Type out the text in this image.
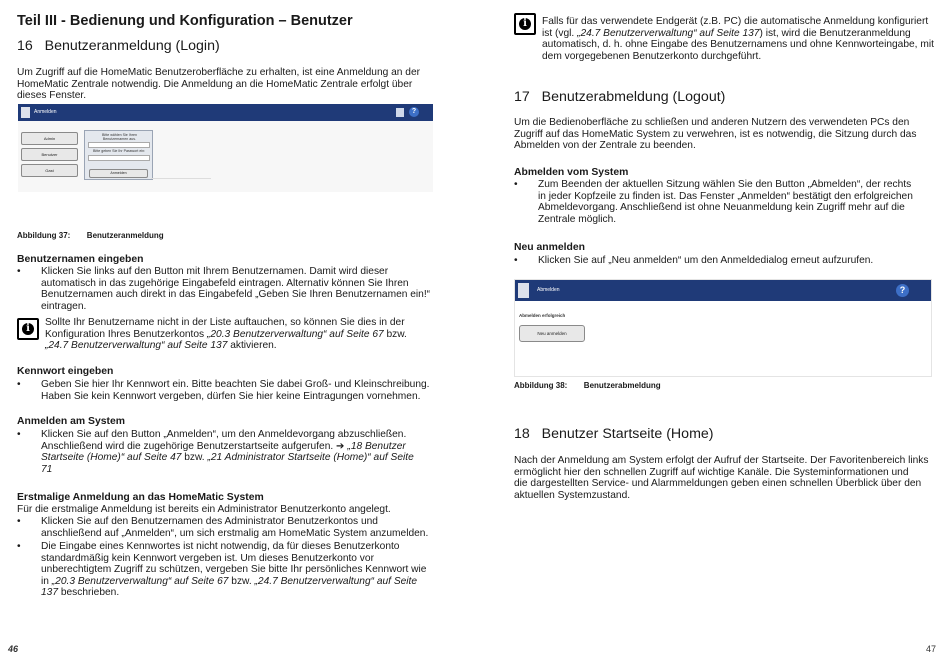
Teil III - Bedienung und Konfiguration – Benutzer
16 Benutzeranmeldung (Login)
Um Zugriff auf die HomeMatic Benutzeroberfläche zu erhalten, ist eine Anmeldung an der
HomeMatic Zentrale notwendig. Die Anmeldung an die HomeMatic Zentrale erfolgt über
dieses Fenster.
Anmelden	?
Admin
Benutzer
Gast
Bitte wählen Sie Ihren
Benutzernamen aus.
Bitte geben Sie Ihr Passwort ein:
Anmelden
Abbildung 37: Benutzeranmeldung
Benutzernamen eingeben
• Klicken Sie links auf den Button mit Ihrem Benutzernamen. Damit wird dieser
automatisch in das zugehörige Eingabefeld eintragen. Alternativ können Sie Ihren
Benutzernamen auch direkt in das Eingabefeld „Geben Sie Ihren Benutzernamen ein!“
eintragen.
i
Sollte Ihr Benutzername nicht in der Liste auftauchen, so können Sie dies in der
Konfiguration Ihres Benutzerkontos „20.3 Benutzerverwaltung“ auf Seite 67 bzw.
„24.7 Benutzerverwaltung“ auf Seite 137 aktivieren.
Kennwort eingeben
• Geben Sie hier Ihr Kennwort ein. Bitte beachten Sie dabei Groß- und Kleinschreibung.
Haben Sie kein Kennwort vergeben, dürfen Sie hier keine Eintragungen vornehmen.
Anmelden am System
• Klicken Sie auf den Button „Anmelden“, um den Anmeldevorgang abzuschließen.
Anschließend wird die zugehörige Benutzerstartseite aufgerufen. ➔ „18 Benutzer
Startseite (Home)“ auf Seite 47 bzw. „21 Administrator Startseite (Home)“ auf Seite
71
Erstmalige Anmeldung an das HomeMatic System
Für die erstmalige Anmeldung ist bereits ein Administrator Benutzerkonto angelegt.
• Klicken Sie auf den Benutzernamen des Administrator Benutzerkontos und
anschließend auf „Anmelden“, um sich erstmalig am HomeMatic System anzumelden.
• Die Eingabe eines Kennwortes ist nicht notwendig, da für dieses Benutzerkonto
standardmäßig kein Kennwort vergeben ist. Um dieses Benutzerkonto vor
unberechtigtem Zugriff zu schützen, vergeben Sie bitte Ihr persönliches Kennwort wie
in „20.3 Benutzerverwaltung“ auf Seite 67 bzw. „24.7 Benutzerverwaltung“ auf Seite
137 beschrieben.
46
i	Falls für das verwendete Endgerät (z.B. PC) die automatische Anmeldung konfiguriert
ist (vgl. „24.7 Benutzerverwaltung“ auf Seite 137) ist, wird die Benutzeranmeldung
automatisch, d. h. ohne Eingabe des Benutzernamens und ohne Kennworteingabe, mit
dem vorgegebenen Benutzerkonto durchgeführt.
17 Benutzerabmeldung (Logout)
Um die Bedienoberfläche zu schließen und anderen Nutzern des verwendeten PCs den
Zugriff auf das HomeMatic System zu verwehren, ist es notwendig, die Sitzung durch das
Abmelden von der Zentrale zu beenden.
Abmelden vom System
• Zum Beenden der aktuellen Sitzung wählen Sie den Button „Abmelden“, der rechts
in jeder Kopfzeile zu finden ist. Das Fenster „Anmelden“ bestätigt den erfolgreichen
Abmeldevorgang. Anschließend ist ohne Neuanmeldung kein Zugriff mehr auf die
Zentrale möglich.
Neu anmelden
• Klicken Sie auf „Neu anmelden“ um den Anmeldedialog erneut aufzurufen.
Abmelden	?
Abmelden erfolgreich
Neu anmelden
Abbildung 38: Benutzerabmeldung
18 Benutzer Startseite (Home)
Nach der Anmeldung am System erfolgt der Aufruf der Startseite. Der Favoritenbereich links
ermöglicht hier den schnellen Zugriff auf wichtige Kanäle. Die Systeminformationen und
die dargestellten Service- und Alarmmeldungen geben einen schnellen Überblick über den
aktuellen Systemzustand.
47
